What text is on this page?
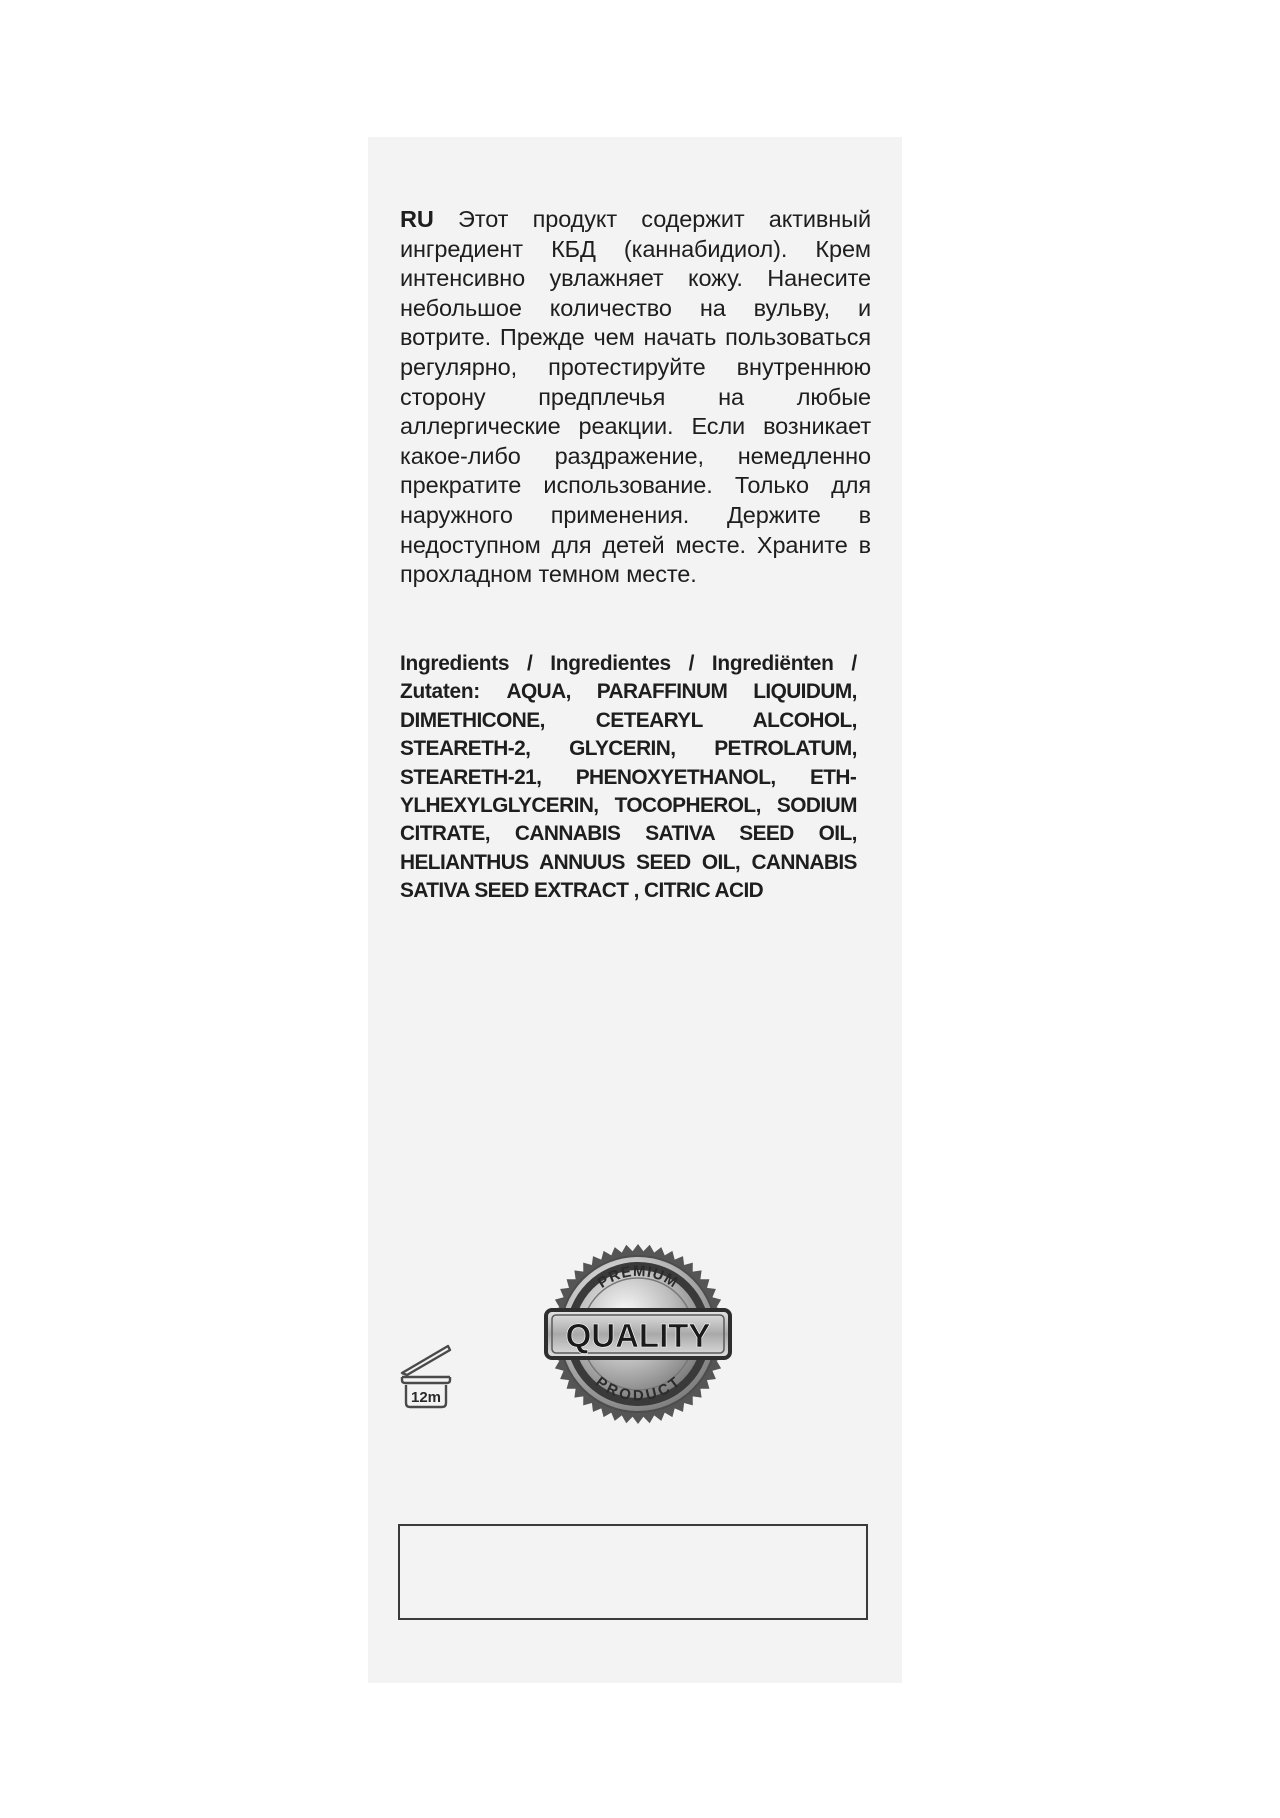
RU Этот продукт содержит активный ингредиент КБД (каннабидиол). Крем интенсивно увлажняет кожу. Нанесите небольшое количество на вульву, и вотрите. Прежде чем начать пользоваться регулярно, протестируйте внутреннюю сторону предплечья на любые аллергические реакции. Если возникает какое-либо раздражение, немедленно прекратите использование. Только для наружного применения. Держите в недоступном для детей месте. Храните в прохладном темном месте.
Ingredients / Ingredientes / Ingrediënten / Zutaten: AQUA, PARAFFINUM LIQUIDUM, DIMETHICONE, CETEARYL ALCOHOL, STEARETH-2, GLYCERIN, PETROLATUM, STEARETH-21, PHENOXYETHANOL, ETHYLHEXYLGLYCERIN, TOCOPHEROL, SODIUM CITRATE, CANNABIS SATIVA SEED OIL, HELIANTHUS ANNUUS SEED OIL, CANNABIS SATIVA SEED EXTRACT , CITRIC ACID
12m
PREMIUM
PRODUCT
QUALITY
